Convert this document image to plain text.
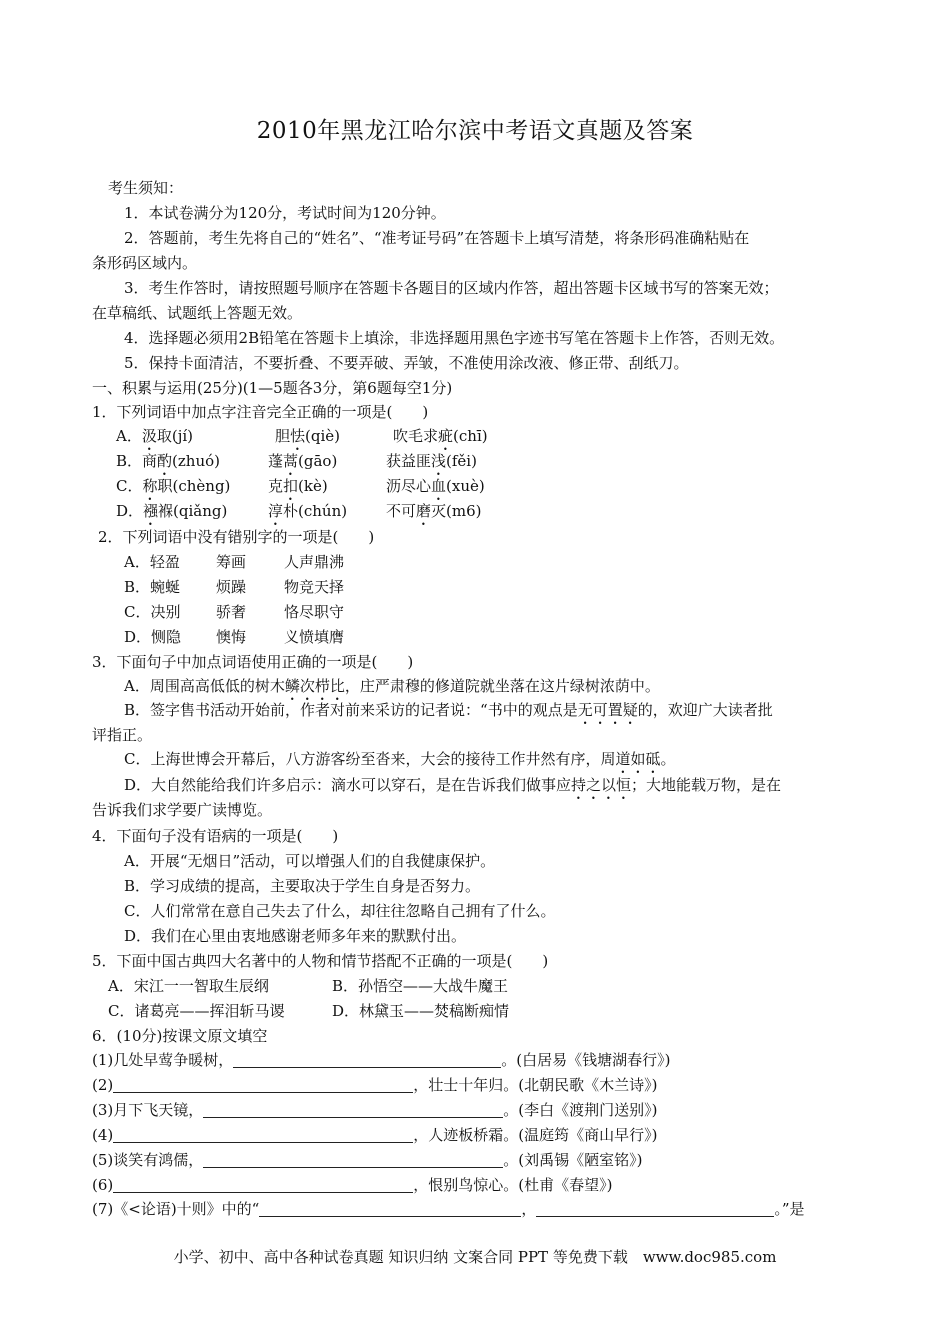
2010年黑龙江哈尔滨中考语文真题及答案
考生须知：
1．本试卷满分为120分，考试时间为120分钟。
2．答题前，考生先将自己的“姓名”、“准考证号码”在答题卡上填写清楚，将条形码准确粘贴在
条形码区域内。
3．考生作答时，请按照题号顺序在答题卡各题目的区域内作答，超出答题卡区域书写的答案无效；
在草稿纸、试题纸上答题无效。
4．选择题必须用2B铅笔在答题卡上填涂，非选择题用黑色字迹书写笔在答题卡上作答，否则无效。
5．保持卡面清洁，不要折叠、不要弄破、弄皱，不准使用涂改液、修正带、刮纸刀。
一、积累与运用(25分)(1—5题各3分，第6题每空1分)
1．下列词语中加点字注音完全正确的一项是(　　)
A．汲取(jí)	胆怯(qiè)	吹毛求疵(chī)
B．商酌(zhuó)	蓬蒿(gāo)	获益匪浅(fěi)
C．称职(chèng)	克扣(kè)	沥尽心血(xuè)
D．襁褓(qiǎng)	淳朴(chún)	不可磨灭(m6)
2．下列词语中没有错别字的一项是(　　)
A．轻盈 筹画	人声鼎沸
B．蜿蜒 烦躁	物竞天择
C．决别 骄奢	恪尽职守
D．恻隐 懊悔	义愤填膺
3．下面句子中加点词语使用正确的一项是(　　)
A．周围高高低低的树木鳞次栉比，庄严肃穆的修道院就坐落在这片绿树浓荫中。
B．签字售书活动开始前，作者对前来采访的记者说：“书中的观点是无可置疑的，欢迎广大读者批
评指正。
C．上海世博会开幕后，八方游客纷至沓来，大会的接待工作井然有序，周道如砥。
D．大自然能给我们许多启示：滴水可以穿石，是在告诉我们做事应持之以恒；大地能载万物，是在
告诉我们求学要广读博览。
4．下面句子没有语病的一项是(　　)
A．开展“无烟日”活动，可以增强人们的自我健康保护。
B．学习成绩的提高，主要取决于学生自身是否努力。
C．人们常常在意自己失去了什么，却往往忽略自己拥有了什么。
D．我们在心里由衷地感谢老师多年来的默默付出。
5．下面中国古典四大名著中的人物和情节搭配不正确的一项是(　　)
A．宋江一一智取生辰纲	B．孙悟空——大战牛魔王
C．诸葛亮——挥泪斩马谡	D．林黛玉——焚稿断痴情
6．(10分)按课文原文填空
(1)几处早莺争暖树，	。(白居易《钱塘湖春行》)
(2)	，壮士十年归。(北朝民歌《木兰诗》)
(3)月下飞天镜，	。(李白《渡荆门送别》)
(4)	，人迹板桥霜。(温庭筠《商山早行》)
(5)谈笑有鸿儒，	。(刘禹锡《陋室铭》)
(6)	，恨别鸟惊心。(杜甫《春望》)
(7)《<论语)十则》中的“	，	。”是
小学、初中、高中各种试卷真题 知识归纳 文案合同 PPT 等免费下载　www.doc985.com
